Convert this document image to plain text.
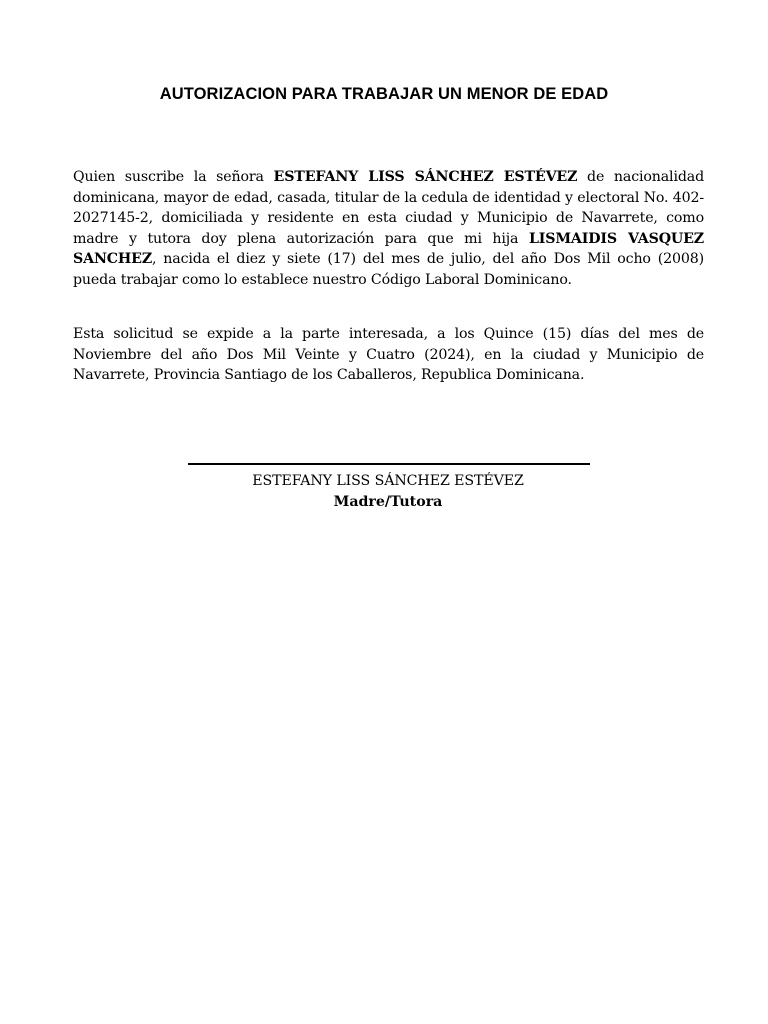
AUTORIZACION PARA TRABAJAR UN MENOR DE EDAD

Quien suscribe la señora ESTEFANY LISS SÁNCHEZ ESTÉVEZ de nacionalidad dominicana, mayor de edad, casada, titular de la cedula de identidad y electoral No. 402-2027145-2, domiciliada y residente en esta ciudad y Municipio de Navarrete, como madre y tutora doy plena autorización para que mi hija LISMAIDIS VASQUEZ SANCHEZ, nacida el diez y siete (17) del mes de julio, del año Dos Mil ocho (2008) pueda trabajar como lo establece nuestro Código Laboral Dominicano.

Esta solicitud se expide a la parte interesada, a los Quince (15) días del mes de Noviembre del año Dos Mil Veinte y Cuatro (2024), en la ciudad y Municipio de Navarrete, Provincia Santiago de los Caballeros, Republica Dominicana.

ESTEFANY LISS SÁNCHEZ ESTÉVEZ

Madre/Tutora
